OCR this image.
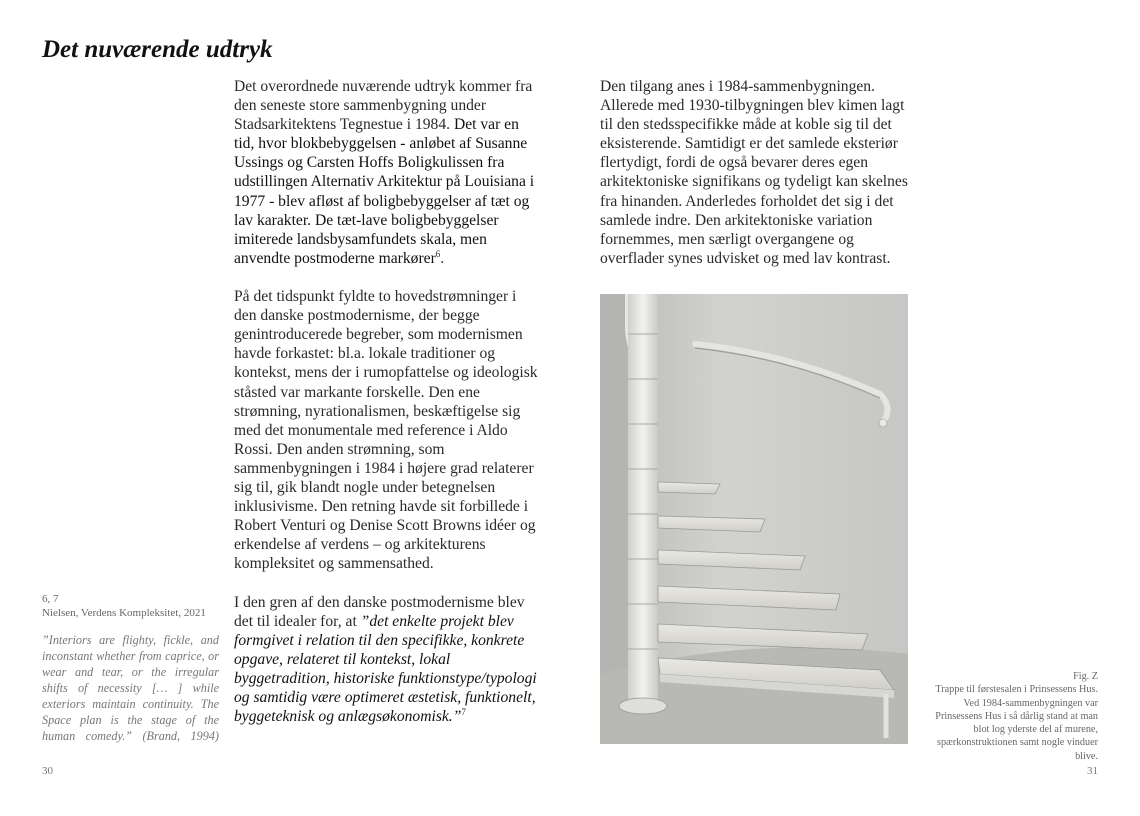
Det nuværende udtryk

Det overordnede nuværende udtryk kommer fra den seneste store sammenbygning under Stadsarkitektens Tegnestue i 1984. Det var en tid, hvor blokbebyggelsen - anløbet af Susanne Ussings og Carsten Hoffs Boligkulissen fra udstillingen Alternativ Arkitektur på Louisiana i 1977 - blev afløst af boligbebyggelser af tæt og lav karakter. De tæt-lave boligbebyggelser imiterede landsbysamfundets skala, men anvendte postmoderne markører$^6$.

På det tidspunkt fyldte to hovedstrømninger i den danske postmodernisme, der begge genintroducerede begreber, som modernismen havde forkastet: bl.a. lokale traditioner og kontekst, mens der i rumopfattelse og ideologisk ståsted var markante forskelle. Den ene strømning, nyrationalismen, beskæftigelse sig med det monumentale med reference i Aldo Rossi. Den anden strømning, som sammenbygningen i 1984 i højere grad relaterer sig til, gik blandt nogle under betegnelsen inklusivisme. Den retning havde sit forbillede i Robert Venturi og Denise Scott Browns idéer og erkendelse af verdens – og arkitekturens kompleksitet og sammensathed.

I den gren af den danske postmodernisme blev det til idealer for, at ”det enkelte projekt blev formgivet i relation til den specifikke, konkrete opgave, relateret til kontekst, lokal byggetradition, historiske funktionstype/typologi og samtidig være optimeret æstetisk, funktionelt, byggeteknisk og anlægsøkonomisk.”$^7$

Den tilgang anes i 1984-sammenbygningen. Allerede med 1930-tilbygningen blev kimen lagt til den stedsspecifikke måde at koble sig til det eksisterende. Samtidigt er det samlede eksteriør flertydigt, fordi de også bevarer deres egen arkitektoniske signifikans og tydeligt kan skelnes fra hinanden. Anderledes forholdet det sig i det samlede indre. Den arkitektoniske variation fornemmes, men særligt overgangene og overflader synes udvisket og med lav kontrast.

6, 7
Nielsen, Verdens Kompleksitet, 2021
”Interiors are flighty, fickle, and inconstant whether from caprice, or wear and tear, or the irregular shifts of necessity [… ] while exteriors maintain continuity. The Space plan is the stage of the human comedy.” (Brand, 1994)
Fig. Z
Trappe til førstesalen i Prinsessens Hus. Ved 1984-sammenbygningen var Prinsessens Hus i så dårlig stand at man blot log yderste del af murene, spærkonstruktionen samt nogle vinduer blive.
30	31
